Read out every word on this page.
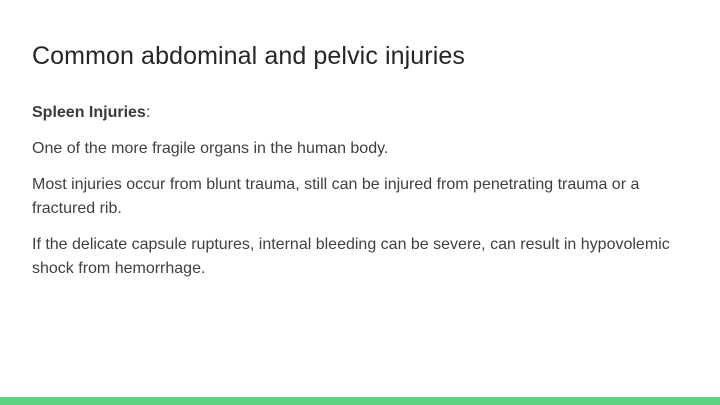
Common abdominal and pelvic injuries

Spleen Injuries:

One of the more fragile organs in the human body.

Most injuries occur from blunt trauma, still can be injured from penetrating trauma or a fractured rib.

If the delicate capsule ruptures, internal bleeding can be severe, can result in hypovolemic shock from hemorrhage.
